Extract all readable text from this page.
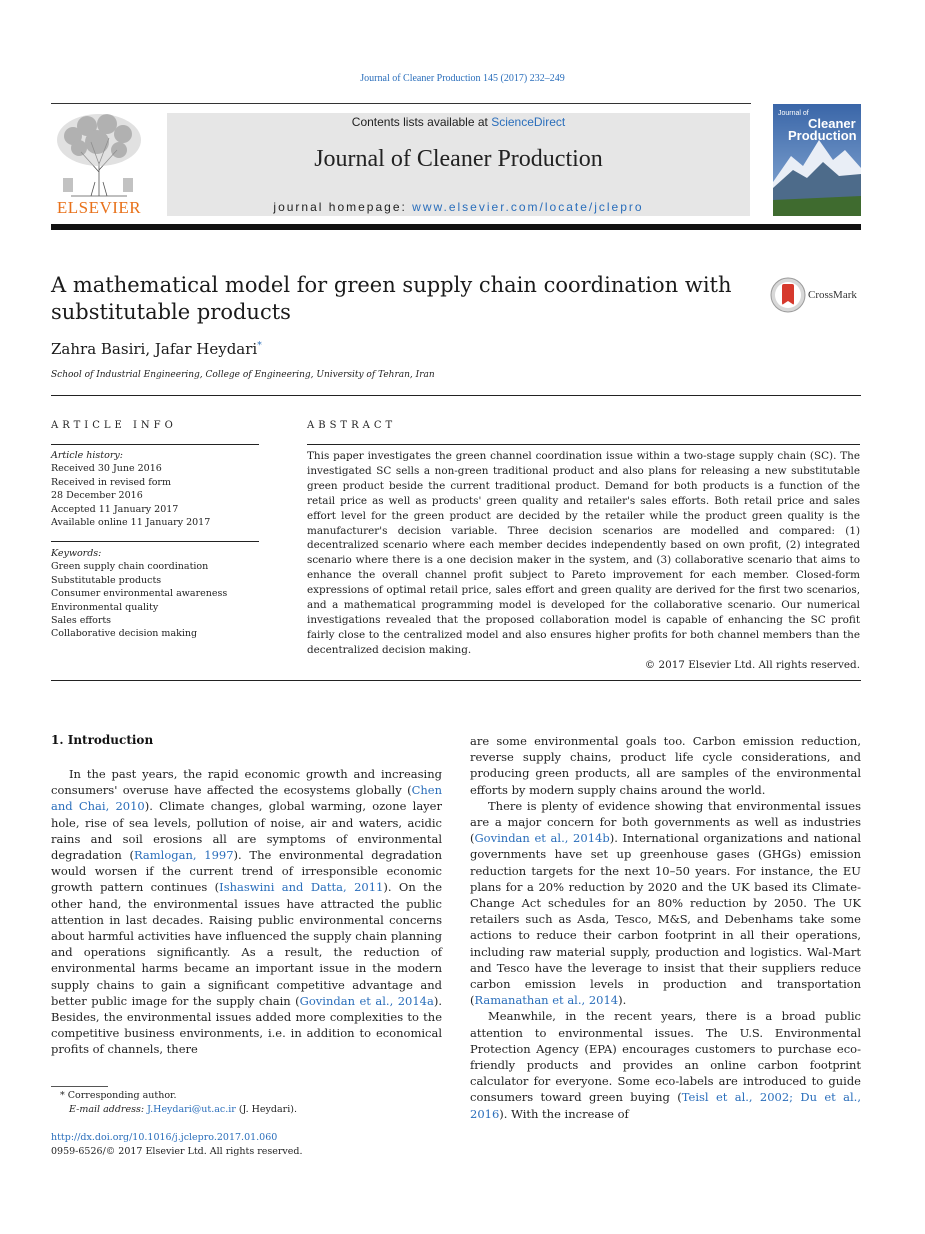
Journal of Cleaner Production 145 (2017) 232–249
ELSEVIER
Contents lists available at ScienceDirect
Journal of Cleaner Production
journal homepage: www.elsevier.com/locate/jclepro
Journal of
Cleaner
Production
A mathematical model for green supply chain coordination with substitutable products
CrossMark
Zahra Basiri, Jafar Heydari*
School of Industrial Engineering, College of Engineering, University of Tehran, Iran
ARTICLE INFO
Article history:
Received 30 June 2016
Received in revised form
28 December 2016
Accepted 11 January 2017
Available online 11 January 2017
Keywords:
Green supply chain coordination
Substitutable products
Consumer environmental awareness
Environmental quality
Sales efforts
Collaborative decision making
ABSTRACT
This paper investigates the green channel coordination issue within a two-stage supply chain (SC). The investigated SC sells a non-green traditional product and also plans for releasing a new substitutable green product beside the current traditional product. Demand for both products is a function of the retail price as well as products' green quality and retailer's sales efforts. Both retail price and sales effort level for the green product are decided by the retailer while the product green quality is the manufacturer's decision variable. Three decision scenarios are modelled and compared: (1) decentralized scenario where each member decides independently based on own profit, (2) integrated scenario where there is a one decision maker in the system, and (3) collaborative scenario that aims to enhance the overall channel profit subject to Pareto improvement for each member. Closed-form expressions of optimal retail price, sales effort and green quality are derived for the first two scenarios, and a mathematical programming model is developed for the collaborative scenario. Our numerical investigations revealed that the proposed collaboration model is capable of enhancing the SC profit fairly close to the centralized model and also ensures higher profits for both channel members than the decentralized decision making.
© 2017 Elsevier Ltd. All rights reserved.
1. Introduction

In the past years, the rapid economic growth and increasing consumers' overuse have affected the ecosystems globally (Chen and Chai, 2010). Climate changes, global warming, ozone layer hole, rise of sea levels, pollution of noise, air and waters, acidic rains and soil erosions all are symptoms of environmental degradation (Ramlogan, 1997). The environmental degradation would worsen if the current trend of irresponsible economic growth pattern continues (Ishaswini and Datta, 2011). On the other hand, the environmental issues have attracted the public attention in last decades. Raising public environmental concerns about harmful activities have influenced the supply chain planning and operations significantly. As a result, the reduction of environmental harms became an important issue in the modern supply chains to gain a significant competitive advantage and better public image for the supply chain (Govindan et al., 2014a). Besides, the environmental issues added more complexities to the competitive business environments, i.e. in addition to economical profits of channels, there

are some environmental goals too. Carbon emission reduction, reverse supply chains, product life cycle considerations, and producing green products, all are samples of the environmental efforts by modern supply chains around the world.

There is plenty of evidence showing that environmental issues are a major concern for both governments as well as industries (Govindan et al., 2014b). International organizations and national governments have set up greenhouse gases (GHGs) emission reduction targets for the next 10–50 years. For instance, the EU plans for a 20% reduction by 2020 and the UK based its Climate-Change Act schedules for an 80% reduction by 2050. The UK retailers such as Asda, Tesco, M&S, and Debenhams take some actions to reduce their carbon footprint in all their operations, including raw material supply, production and logistics. Wal-Mart and Tesco have the leverage to insist that their suppliers reduce carbon emission levels in production and transportation (Ramanathan et al., 2014).

Meanwhile, in the recent years, there is a broad public attention to environmental issues. The U.S. Environmental Protection Agency (EPA) encourages customers to purchase eco-friendly products and provides an online carbon footprint calculator for everyone. Some eco-labels are introduced to guide consumers toward green buying (Teisl et al., 2002; Du et al., 2016). With the increase of

* Corresponding author.
E-mail address: J.Heydari@ut.ac.ir (J. Heydari).
http://dx.doi.org/10.1016/j.jclepro.2017.01.060
0959-6526/© 2017 Elsevier Ltd. All rights reserved.
